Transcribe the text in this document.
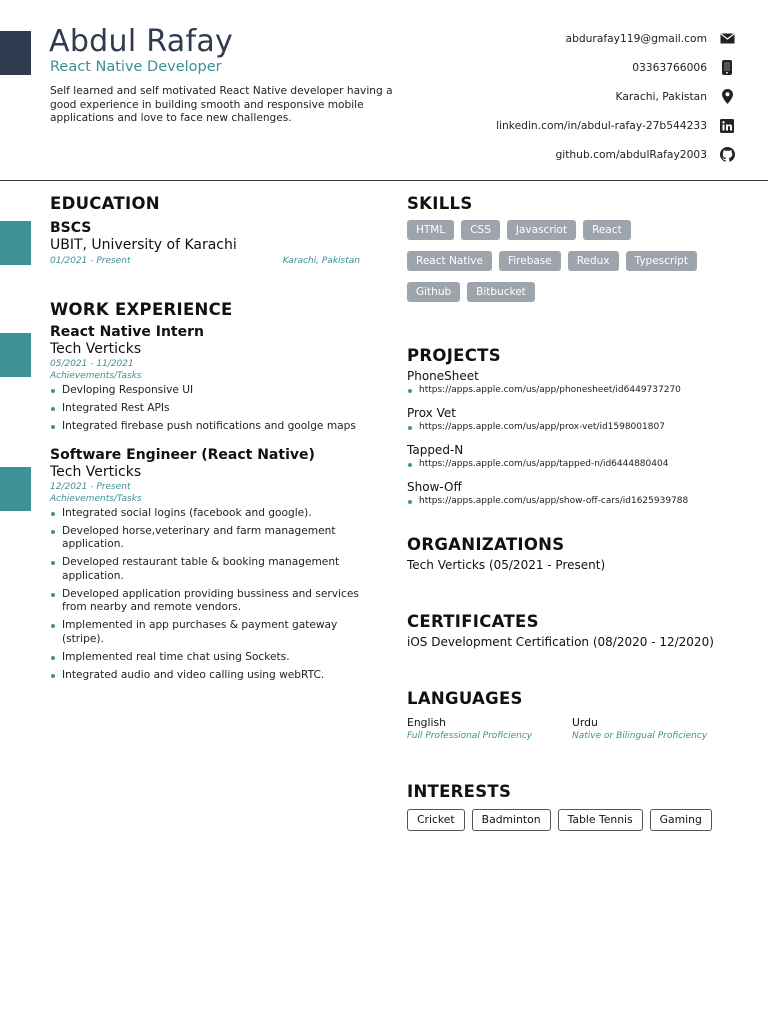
Abdul Rafay
React Native Developer

Self learned and self motivated React Native developer having a good experience in building smooth and responsive mobile applications and love to face new challenges.

abdurafay119@gmail.com
03363766006
Karachi, Pakistan
linkedin.com/in/abdul-rafay-27b544233
github.com/abdulRafay2003
EDUCATION
BSCS
UBIT, University of Karachi
01/2021 - Present	Karachi, Pakistan
WORK EXPERIENCE
React Native Intern
Tech Verticks
05/2021 - 11/2021
Achievements/Tasks
Devloping Responsive UI
Integrated Rest APIs
Integrated firebase push notifications and goolge maps
Software Engineer (React Native)
Tech Verticks
12/2021 - Present
Achievements/Tasks
Integrated social logins (facebook and google).
Developed horse,veterinary and farm management application.
Developed restaurant table & booking management application.
Developed application providing bussiness and services from nearby and remote vendors.
Implemented in app purchases & payment gateway (stripe).
Implemented real time chat using Sockets.
Integrated audio and video calling using webRTC.
SKILLS
HTML	CSS	Javascriot	React
React Native	Firebase	Redux	Typescript
Github	Bitbucket
PROJECTS
PhoneSheet
https://apps.apple.com/us/app/phonesheet/id6449737270
Prox Vet
https://apps.apple.com/us/app/prox-vet/id1598001807
Tapped-N
https://apps.apple.com/us/app/tapped-n/id6444880404
Show-Off
https://apps.apple.com/us/app/show-off-cars/id1625939788
ORGANIZATIONS
Tech Verticks (05/2021 - Present)
CERTIFICATES
iOS Development Certification (08/2020 - 12/2020)
LANGUAGES
English
Full Professional Proficiency
Urdu
Native or Bilingual Proficiency
INTERESTS
Cricket	Badminton	Table Tennis	Gaming
